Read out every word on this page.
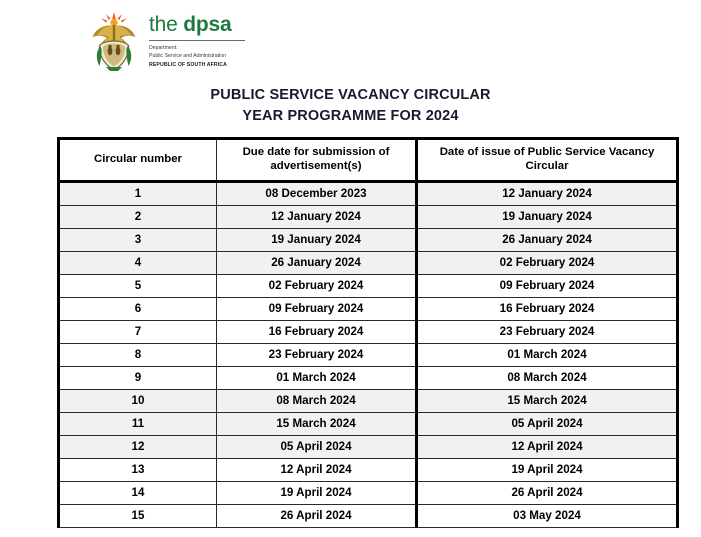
the dpsa
Department:
Public Service and Administration
REPUBLIC OF SOUTH AFRICA
PUBLIC SERVICE VACANCY CIRCULAR
YEAR PROGRAMME FOR 2024
Circular number	Due date for submission of advertisement(s)	Date of issue of Public Service Vacancy Circular
1	08 December 2023	12 January 2024
2	12 January 2024	19 January 2024
3	19 January 2024	26 January 2024
4	26 January 2024	02 February 2024
5	02 February 2024	09 February 2024
6	09 February 2024	16 February 2024
7	16 February 2024	23 February 2024
8	23 February 2024	01 March 2024
9	01 March 2024	08 March 2024
10	08 March 2024	15 March 2024
11	15 March 2024	05 April 2024
12	05 April 2024	12 April 2024
13	12 April 2024	19 April 2024
14	19 April 2024	26 April 2024
15	26 April 2024	03 May 2024
